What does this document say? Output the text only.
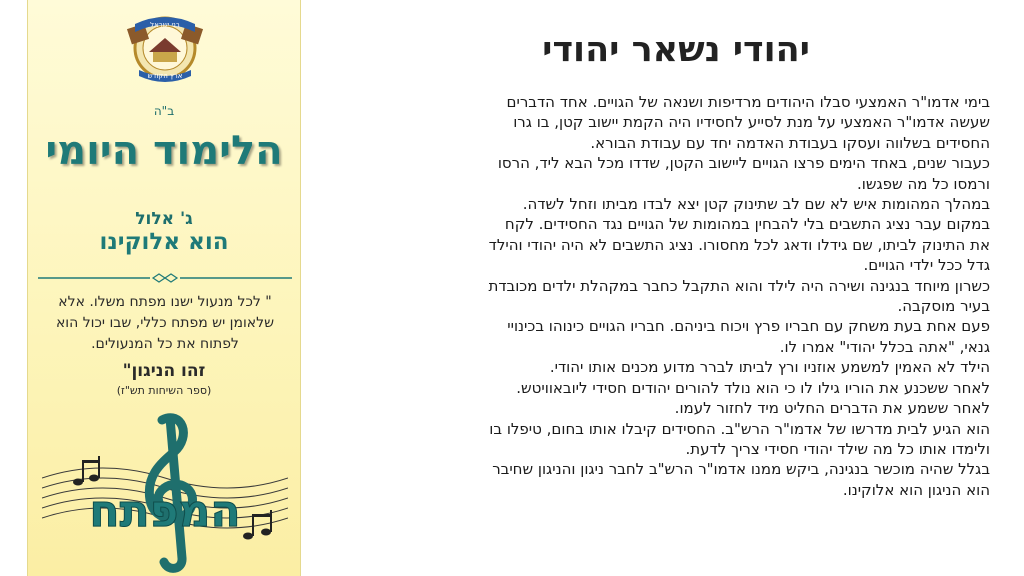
בני ישראל
ארץ הקודש
ב"ה
הלימוד היומי
ג' אלול
הוא אלוקינו
" לכל מנעול ישנו מפתח משלו. אלא שלאומן יש מפתח כללי, שבו יכול הוא לפתוח את כל המנעולים.
זהו הניגון"
(ספר השיחות תש"ז)
המפתח
יהודי נשאר יהודי

בימי אדמו"ר האמצעי סבלו היהודים מרדיפות ושנאה של הגויים. אחד הדברים

שעשה אדמו"ר האמצעי על מנת לסייע לחסידיו היה הקמת יישוב קטן, בו גרו

החסידים בשלווה ועסקו בעבודת האדמה יחד עם עבודת הבורא.

כעבור שנים, באחד הימים פרצו הגויים ליישוב הקטן, שדדו מכל הבא ליד, הרסו

ורמסו כל מה שפגשו.

במהלך המהומות איש לא שם לב שתינוק קטן יצא לבדו מביתו וזחל לשדה.

במקום עבר נציג התשבים בלי להבחין במהומות של הגויים נגד החסידים. לקח

את התינוק לביתו, שם גידלו ודאג לכל מחסורו. נציג התשבים לא היה יהודי והילד

גדל ככל ילדי הגויים.

כשרון מיוחד בנגינה ושירה היה לילד והוא התקבל כחבר במקהלת ילדים מכובדת

בעיר מוסקבה.

פעם אחת בעת משחק עם חבריו פרץ ויכוח ביניהם. חבריו הגויים כינוהו בכינויי

גנאי, "אתה בכלל יהודי" אמרו לו.

הילד לא האמין למשמע אוזניו ורץ לביתו לברר מדוע מכנים אותו יהודי.

לאחר ששכנע את הוריו גילו לו כי הוא נולד להורים יהודים חסידי ליובאוויטש.

לאחר ששמע את הדברים החליט מיד לחזור לעמו.

הוא הגיע לבית מדרשו של אדמו"ר הרש"ב. החסידים קיבלו אותו בחום, טיפלו בו

ולימדו אותו כל מה שילד יהודי חסידי צריך לדעת.

בגלל שהיה מוכשר בנגינה, ביקש ממנו אדמו"ר הרש"ב לחבר ניגון והניגון שחיבר

הוא הניגון הוא אלוקינו.
